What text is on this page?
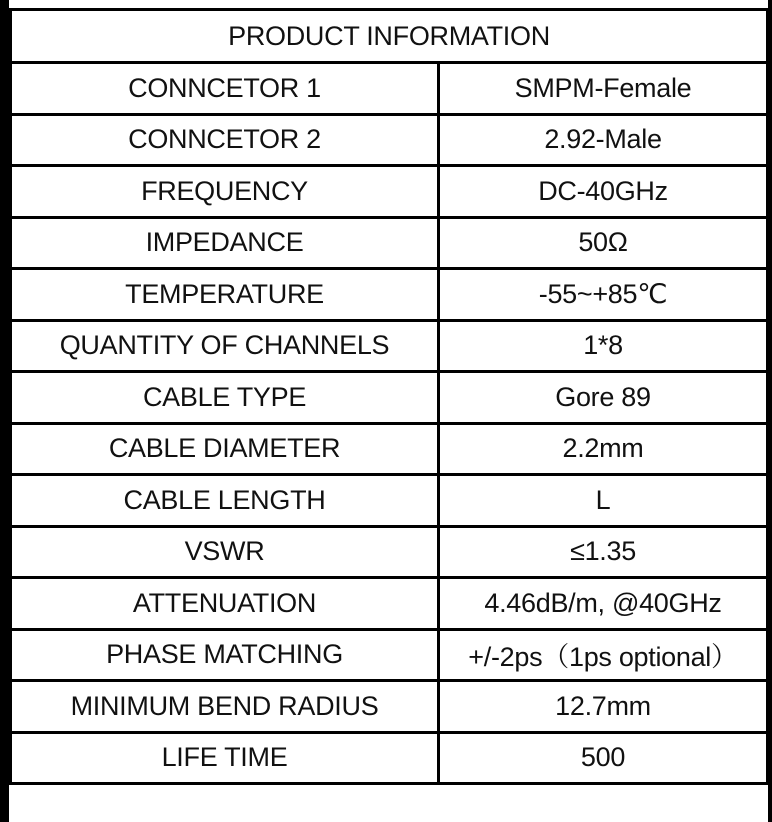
PRODUCT INFORMATION	
CONNCETOR 1	SMPM-Female
CONNCETOR 2	2.92-Male
FREQUENCY	DC-40GHz
IMPEDANCE	50Ω
TEMPERATURE	-55~+85℃
QUANTITY OF CHANNELS	1*8
CABLE TYPE	Gore 89
CABLE DIAMETER	2.2mm
CABLE LENGTH	L
VSWR	≤1.35
ATTENUATION	4.46dB/m, @40GHz
PHASE MATCHING	+/-2ps（1ps optional）
MINIMUM BEND RADIUS	12.7mm
LIFE TIME	500
